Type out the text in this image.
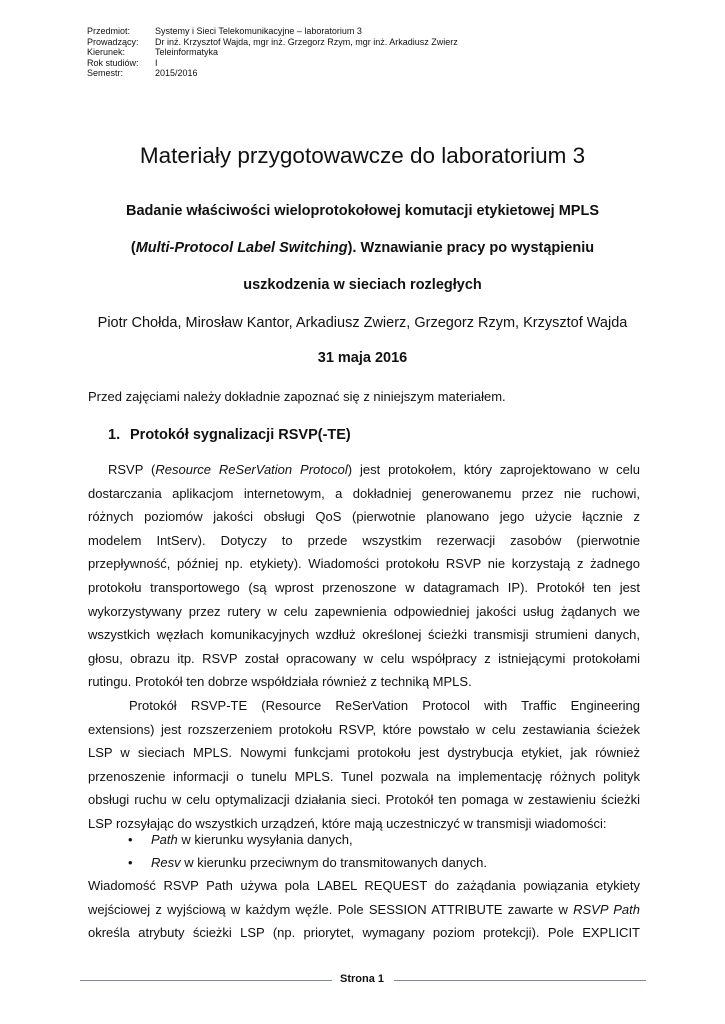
Przedmiot:	Systemy i Sieci Telekomunikacyjne – laboratorium 3
Prowadzący:	Dr inż. Krzysztof Wajda, mgr inż. Grzegorz Rzym, mgr inż. Arkadiusz Zwierz
Kierunek:	Teleinformatyka
Rok studiów:	I
Semestr:	2015/2016
Materiały przygotowawcze do laboratorium 3
Badanie właściwości wieloprotokołowej komutacji etykietowej MPLS
(Multi-Protocol Label Switching). Wznawianie pracy po wystąpieniu
uszkodzenia w sieciach rozległych
Piotr Chołda, Mirosław Kantor, Arkadiusz Zwierz, Grzegorz Rzym, Krzysztof Wajda
31 maja 2016
Przed zajęciami należy dokładnie zapoznać się z niniejszym materiałem.
1. Protokół sygnalizacji RSVP(-TE)
RSVP (Resource ReSerVation Protocol) jest protokołem, który zaprojektowano w celu
dostarczania aplikacjom internetowym, a dokładniej generowanemu przez nie ruchowi,
różnych poziomów jakości obsługi QoS (pierwotnie planowano jego użycie łącznie z
modelem IntServ). Dotyczy to przede wszystkim rezerwacji zasobów (pierwotnie
przepływność, później np. etykiety). Wiadomości protokołu RSVP nie korzystają z żadnego
protokołu transportowego (są wprost przenoszone w datagramach IP). Protokół ten jest
wykorzystywany przez rutery w celu zapewnienia odpowiedniej jakości usług żądanych we
wszystkich węzłach komunikacyjnych wzdłuż określonej ścieżki transmisji strumieni danych,
głosu, obrazu itp. RSVP został opracowany w celu współpracy z istniejącymi protokołami
rutingu. Protokół ten dobrze współdziała również z techniką MPLS.
Protokół RSVP-TE (Resource ReSerVation Protocol with Traffic Engineering
extensions) jest rozszerzeniem protokołu RSVP, które powstało w celu zestawiania ścieżek
LSP w sieciach MPLS. Nowymi funkcjami protokołu jest dystrybucja etykiet, jak również
przenoszenie informacji o tunelu MPLS. Tunel pozwala na implementację różnych polityk
obsługi ruchu w celu optymalizacji działania sieci. Protokół ten pomaga w zestawieniu ścieżki
LSP rozsyłając do wszystkich urządzeń, które mają uczestniczyć w transmisji wiadomości:
• Path w kierunku wysyłania danych,
• Resv w kierunku przeciwnym do transmitowanych danych.
Wiadomość RSVP Path używa pola LABEL REQUEST do zażądania powiązania etykiety
wejściowej z wyjściową w każdym węźle. Pole SESSION ATTRIBUTE zawarte w RSVP Path
określa atrybuty ścieżki LSP (np. priorytet, wymagany poziom protekcji). Pole EXPLICIT
Strona 1
